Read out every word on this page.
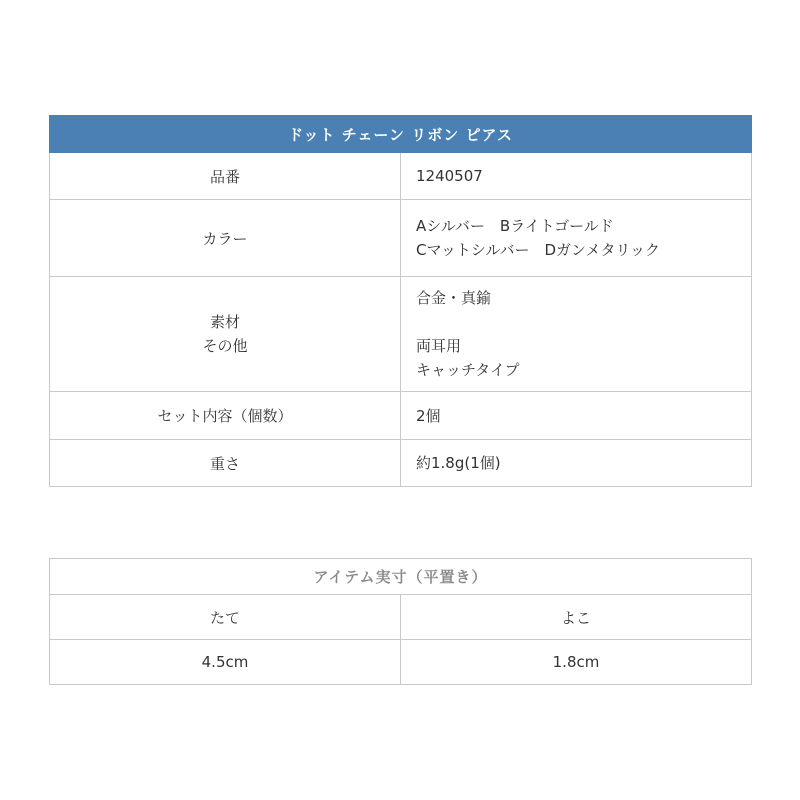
ドット チェーン リボン ピアス	
品番	1240507
カラー	Aシルバー　Bライトゴールド
Cマットシルバー　Dガンメタリック

素材
その他	合金・真鍮
両耳用
キャッチタイプ

セット内容（個数）	2個
重さ	約1.8g(1個)
アイテム実寸（平置き）	
たて	よこ
4.5cm	1.8cm
